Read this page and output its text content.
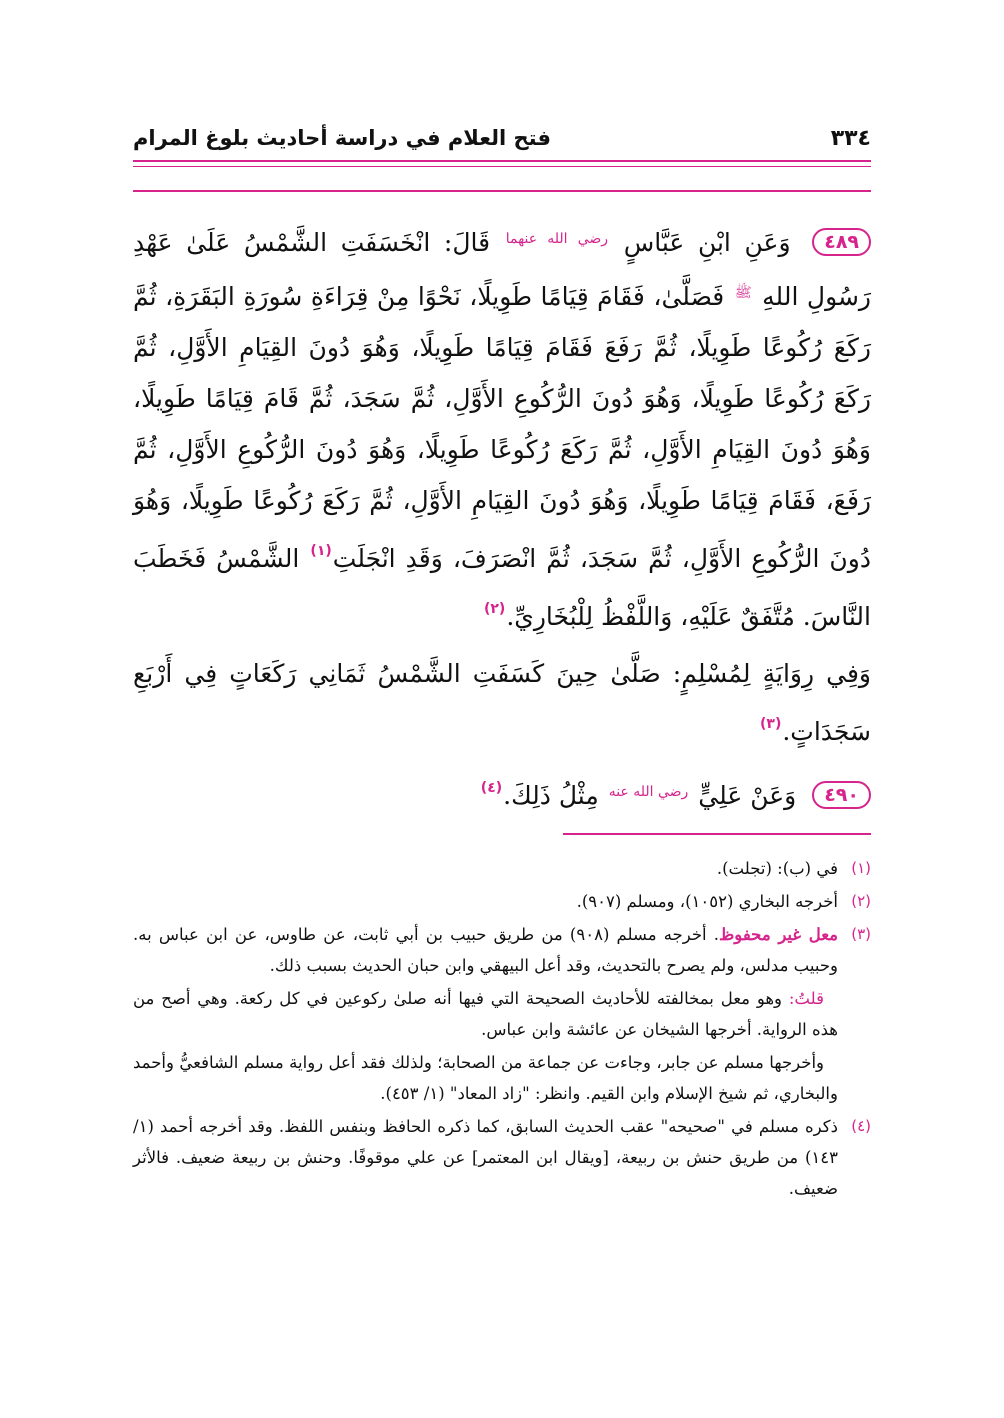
٣٣٤
فتح العلام في دراسة أحاديث بلوغ المرام

٤٨٩ وَعَنِ ابْنِ عَبَّاسٍ $^{رضي الله عنهما}$ قَالَ: انْخَسَفَتِ الشَّمْسُ عَلَىٰ عَهْدِ رَسُولِ اللهِ $^ﷺ$ فَصَلَّىٰ، فَقَامَ قِيَامًا طَوِيلًا، نَحْوًا مِنْ قِرَاءَةِ سُورَةِ البَقَرَةِ، ثُمَّ رَكَعَ رُكُوعًا طَوِيلًا، ثُمَّ رَفَعَ فَقَامَ قِيَامًا طَوِيلًا، وَهُوَ دُونَ القِيَامِ الأَوَّلِ، ثُمَّ رَكَعَ رُكُوعًا طَوِيلًا، وَهُوَ دُونَ الرُّكُوعِ الأَوَّلِ، ثُمَّ سَجَدَ، ثُمَّ قَامَ قِيَامًا طَوِيلًا، وَهُوَ دُونَ القِيَامِ الأَوَّلِ، ثُمَّ رَكَعَ رُكُوعًا طَوِيلًا، وَهُوَ دُونَ الرُّكُوعِ الأَوَّلِ، ثُمَّ رَفَعَ، فَقَامَ قِيَامًا طَوِيلًا، وَهُوَ دُونَ القِيَامِ الأَوَّلِ، ثُمَّ رَكَعَ رُكُوعًا طَوِيلًا، وَهُوَ دُونَ الرُّكُوعِ الأَوَّلِ، ثُمَّ سَجَدَ، ثُمَّ انْصَرَفَ، وَقَدِ انْجَلَتِ$^{(١)}$ الشَّمْسُ فَخَطَبَ النَّاسَ. مُتَّفَقٌ عَلَيْهِ، وَاللَّفْظُ لِلْبُخَارِيِّ.$^{(٢)}$

وَفِي رِوَايَةٍ لِمُسْلِمٍ: صَلَّىٰ حِينَ كَسَفَتِ الشَّمْسُ ثَمَانِي رَكَعَاتٍ فِي أَرْبَعِ سَجَدَاتٍ.$^{(٣)}$

٤٩٠ وَعَنْ عَلِيٍّ $^{رضي الله عنه}$ مِثْلُ ذَلِكَ.$^{(٤)}$

(١)
في (ب): (تجلت).

(٢)
أخرجه البخاري (١٠٥٢)، ومسلم (٩٠٧).

(٣)
معل غير محفوظ. أخرجه مسلم (٩٠٨) من طريق حبيب بن أبي ثابت، عن طاوس، عن ابن عباس به. وحبيب مدلس، ولم يصرح بالتحديث، وقد أعل البيهقي وابن حبان الحديث بسبب ذلك.

قلتُ: وهو معل بمخالفته للأحاديث الصحيحة التي فيها أنه صلىٰ ركوعين في كل ركعة. وهي أصح من هذه الرواية. أخرجها الشيخان عن عائشة وابن عباس.

وأخرجها مسلم عن جابر، وجاءت عن جماعة من الصحابة؛ ولذلك فقد أعل رواية مسلم الشافعيُّ وأحمد والبخاري، ثم شيخ الإسلام وابن القيم. وانظر: "زاد المعاد" (١/ ٤٥٣).

(٤)
ذكره مسلم في "صحيحه" عقب الحديث السابق، كما ذكره الحافظ وبنفس اللفظ. وقد أخرجه أحمد (١/ ١٤٣) من طريق حنش بن ربيعة، [ويقال ابن المعتمر] عن علي موقوفًا. وحنش بن ربيعة ضعيف. فالأثر ضعيف.
